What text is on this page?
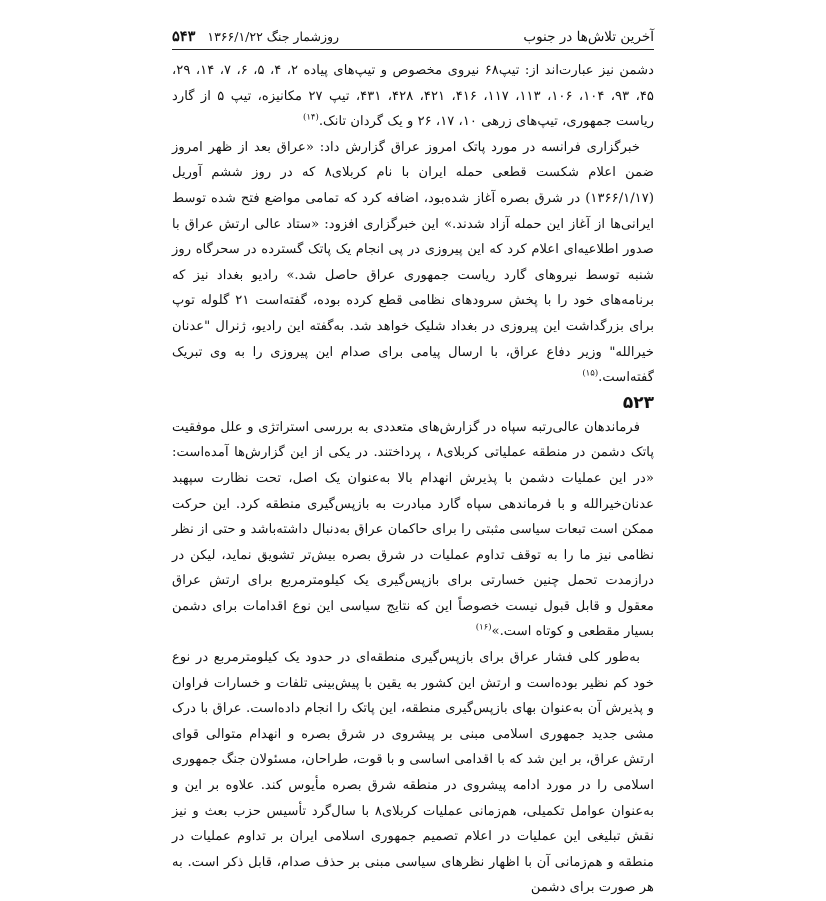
آخرین تلاش‌ها در جنوب
روزشمار جنگ ۱۳۶۶/۱/۲۲
۵۴۳

دشمن نیز عبارت‌اند از: تیپ۶۸ نیروی مخصوص و تیپ‌های پیاده ۲، ۴، ۵، ۶، ۷، ۱۴، ۲۹، ۴۵، ۹۳، ۱۰۴، ۱۰۶، ۱۱۳، ۱۱۷، ۴۱۶، ۴۲۱، ۴۲۸، ۴۳۱، تیپ ۲۷ مکانیزه، تیپ ۵ از گارد ریاست جمهوری، تیپ‌های زرهی ۱۰، ۱۷، ۲۶ و یک گردان تانک.$^{(۱۴)}$

خبرگزاری فرانسه در مورد پاتک امروز عراق گزارش داد: «عراق بعد از ظهر امروز ضمن اعلام شکست قطعی حمله ایران با نام کربلای۸ که در روز ششم آوریل (۱۳۶۶/۱/۱۷) در شرق بصره آغاز شده‌بود، اضافه کرد که تمامی مواضع فتح شده توسط ایرانی‌ها از آغاز این حمله آزاد شدند.» این خبرگزاری افزود: «ستاد عالی ارتش عراق با صدور اطلاعیه‌ای اعلام کرد که این پیروزی در پی انجام یک پاتک گسترده در سحرگاه روز شنبه توسط نیروهای گارد ریاست جمهوری عراق حاصل شد.» رادیو بغداد نیز که برنامه‌های خود را با پخش سرودهای نظامی قطع کرده بوده، گفته‌است ۲۱ گلوله توپ برای بزرگداشت این پیروزی در بغداد شلیک خواهد شد. به‌گفته این رادیو، ژنرال "عدنان خیرالله" وزیر دفاع عراق، با ارسال پیامی برای صدام این پیروزی را به وی تبریک گفته‌است.$^{(۱۵)}$

۵۲۳

فرماندهان عالی‌رتبه سپاه در گزارش‌های متعددی به بررسی استراتژی و علل موفقیت پاتک دشمن در منطقه عملیاتی کربلای۸ ، پرداختند. در یکی از این گزارش‌ها آمده‌است: «در این عملیات دشمن با پذیرش انهدام بالا به‌عنوان یک اصل، تحت نظارت سپهبد عدنان‌خیرالله و با فرماندهی سپاه گارد مبادرت به بازپس‌گیری منطقه کرد. این حرکت ممکن است تبعات سیاسی مثبتی را برای حاکمان عراق به‌دنبال داشته‌باشد و حتی از نظر نظامی نیز ما را به توقف تداوم عملیات در شرق بصره بیش‌تر تشویق نماید، لیکن در درازمدت تحمل چنین خسارتی برای بازپس‌گیری یک کیلومترمربع برای ارتش عراق معقول و قابل قبول نیست خصوصاً این که نتایج سیاسی این نوع اقدامات برای دشمن بسیار مقطعی و کوتاه است.»$^{(۱۶)}$

به‌طور کلی فشار عراق برای بازپس‌گیری منطقه‌ای در حدود یک کیلومترمربع در نوع خود کم نظیر بوده‌است و ارتش این کشور به یقین با پیش‌بینی تلفات و خسارات فراوان و پذیرش آن به‌عنوان بهای بازپس‌گیری منطقه، این پاتک را انجام داده‌است. عراق با درک مشی جدید جمهوری اسلامی مبنی بر پیشروی در شرق بصره و انهدام متوالی قوای ارتش عراق، بر این شد که با اقدامی اساسی و با قوت، طراحان، مسئولان جنگ جمهوری اسلامی را در مورد ادامه پیشروی در منطقه شرق بصره مأیوس کند. علاوه بر این و به‌عنوان عوامل تکمیلی، هم‌زمانی عملیات کربلای۸ با سال‌گرد تأسیس حزب بعث و نیز نقش تبلیغی این عملیات در اعلام تصمیم جمهوری اسلامی ایران بر تداوم عملیات در منطقه و هم‌زمانی آن با اظهار نظرهای سیاسی مبنی بر حذف صدام، قابل ذکر است. به هر صورت برای دشمن
